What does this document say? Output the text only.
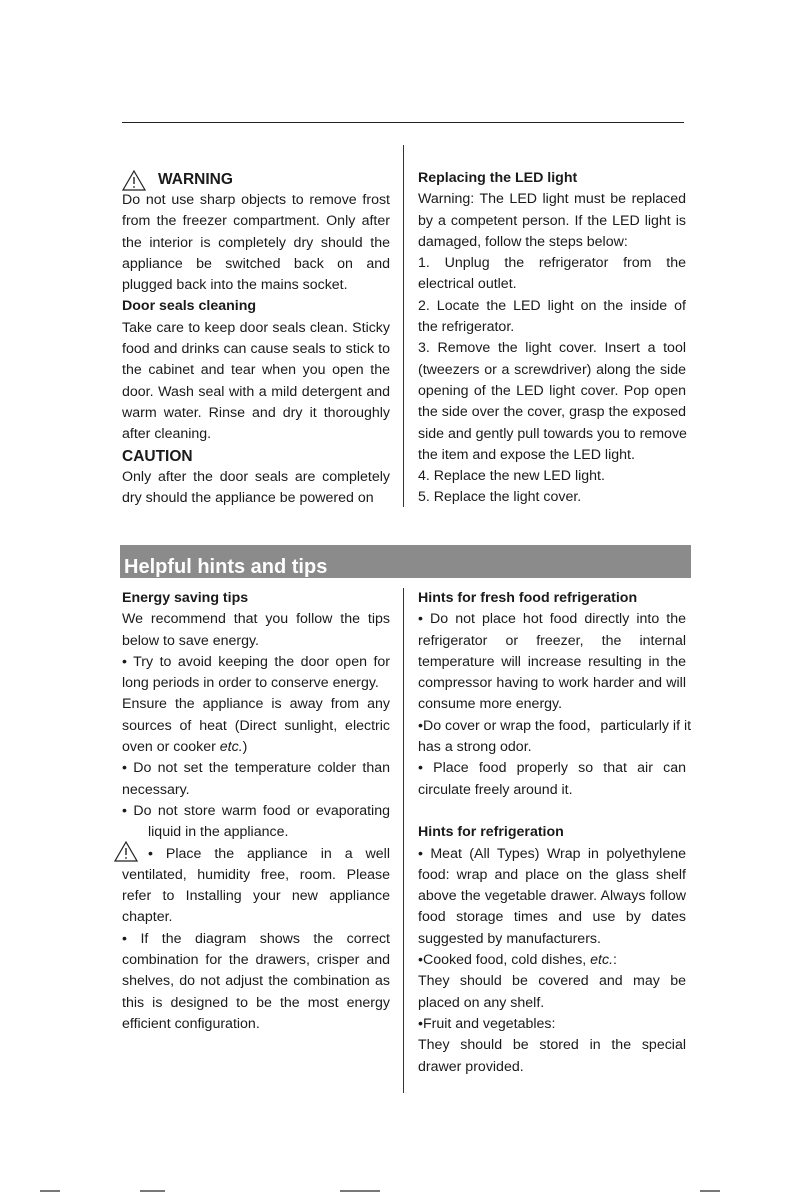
WARNING
Do not use sharp objects to remove frost
from the freezer compartment. Only after
the interior is completely dry should the
appliance be switched back on and
plugged back into the mains socket.
Door seals cleaning
Take care to keep door seals clean. Sticky
food and drinks can cause seals to stick to
the cabinet and tear when you open the
door. Wash seal with a mild detergent and
warm water. Rinse and dry it thoroughly
after cleaning.
CAUTION
Only after the door seals are completely
dry should the appliance be powered on
Replacing the LED light
Warning: The LED light must be replaced
by a competent person. If the LED light is
damaged, follow the steps below:
1. Unplug the refrigerator from the
electrical outlet.
2. Locate the LED light on the inside of
the refrigerator.
3. Remove the light cover. Insert a tool
(tweezers or a screwdriver) along the side
opening of the LED light cover. Pop open
the side over the cover, grasp the exposed
side and gently pull towards you to remove
the item and expose the LED light.
4. Replace the new LED light.
5. Replace the light cover.
Helpful hints and tips
Energy saving tips
We recommend that you follow the tips
below to save energy.
• Try to avoid keeping the door open for
long periods in order to conserve energy.
Ensure the appliance is away from any
sources of heat (Direct sunlight, electric
oven or cooker etc.)
• Do not set the temperature colder than
necessary.
• Do not store warm food or evaporating
liquid in the appliance.
• Place the appliance in a well
ventilated, humidity free, room. Please
refer to Installing your new appliance
chapter.
• If the diagram shows the correct
combination for the drawers, crisper and
shelves, do not adjust the combination as
this is designed to be the most energy
efficient configuration.
Hints for fresh food refrigeration
• Do not place hot food directly into the
refrigerator or freezer, the internal
temperature will increase resulting in the
compressor having to work harder and will
consume more energy.
•Do cover or wrap the food，particularly if it
has a strong odor.
• Place food properly so that air can
circulate freely around it.
Hints for refrigeration
• Meat (All Types) Wrap in polyethylene
food: wrap and place on the glass shelf
above the vegetable drawer. Always follow
food storage times and use by dates
suggested by manufacturers.
•Cooked food, cold dishes, etc.:
They should be covered and may be
placed on any shelf.
•Fruit and vegetables:
They should be stored in the special
drawer provided.
